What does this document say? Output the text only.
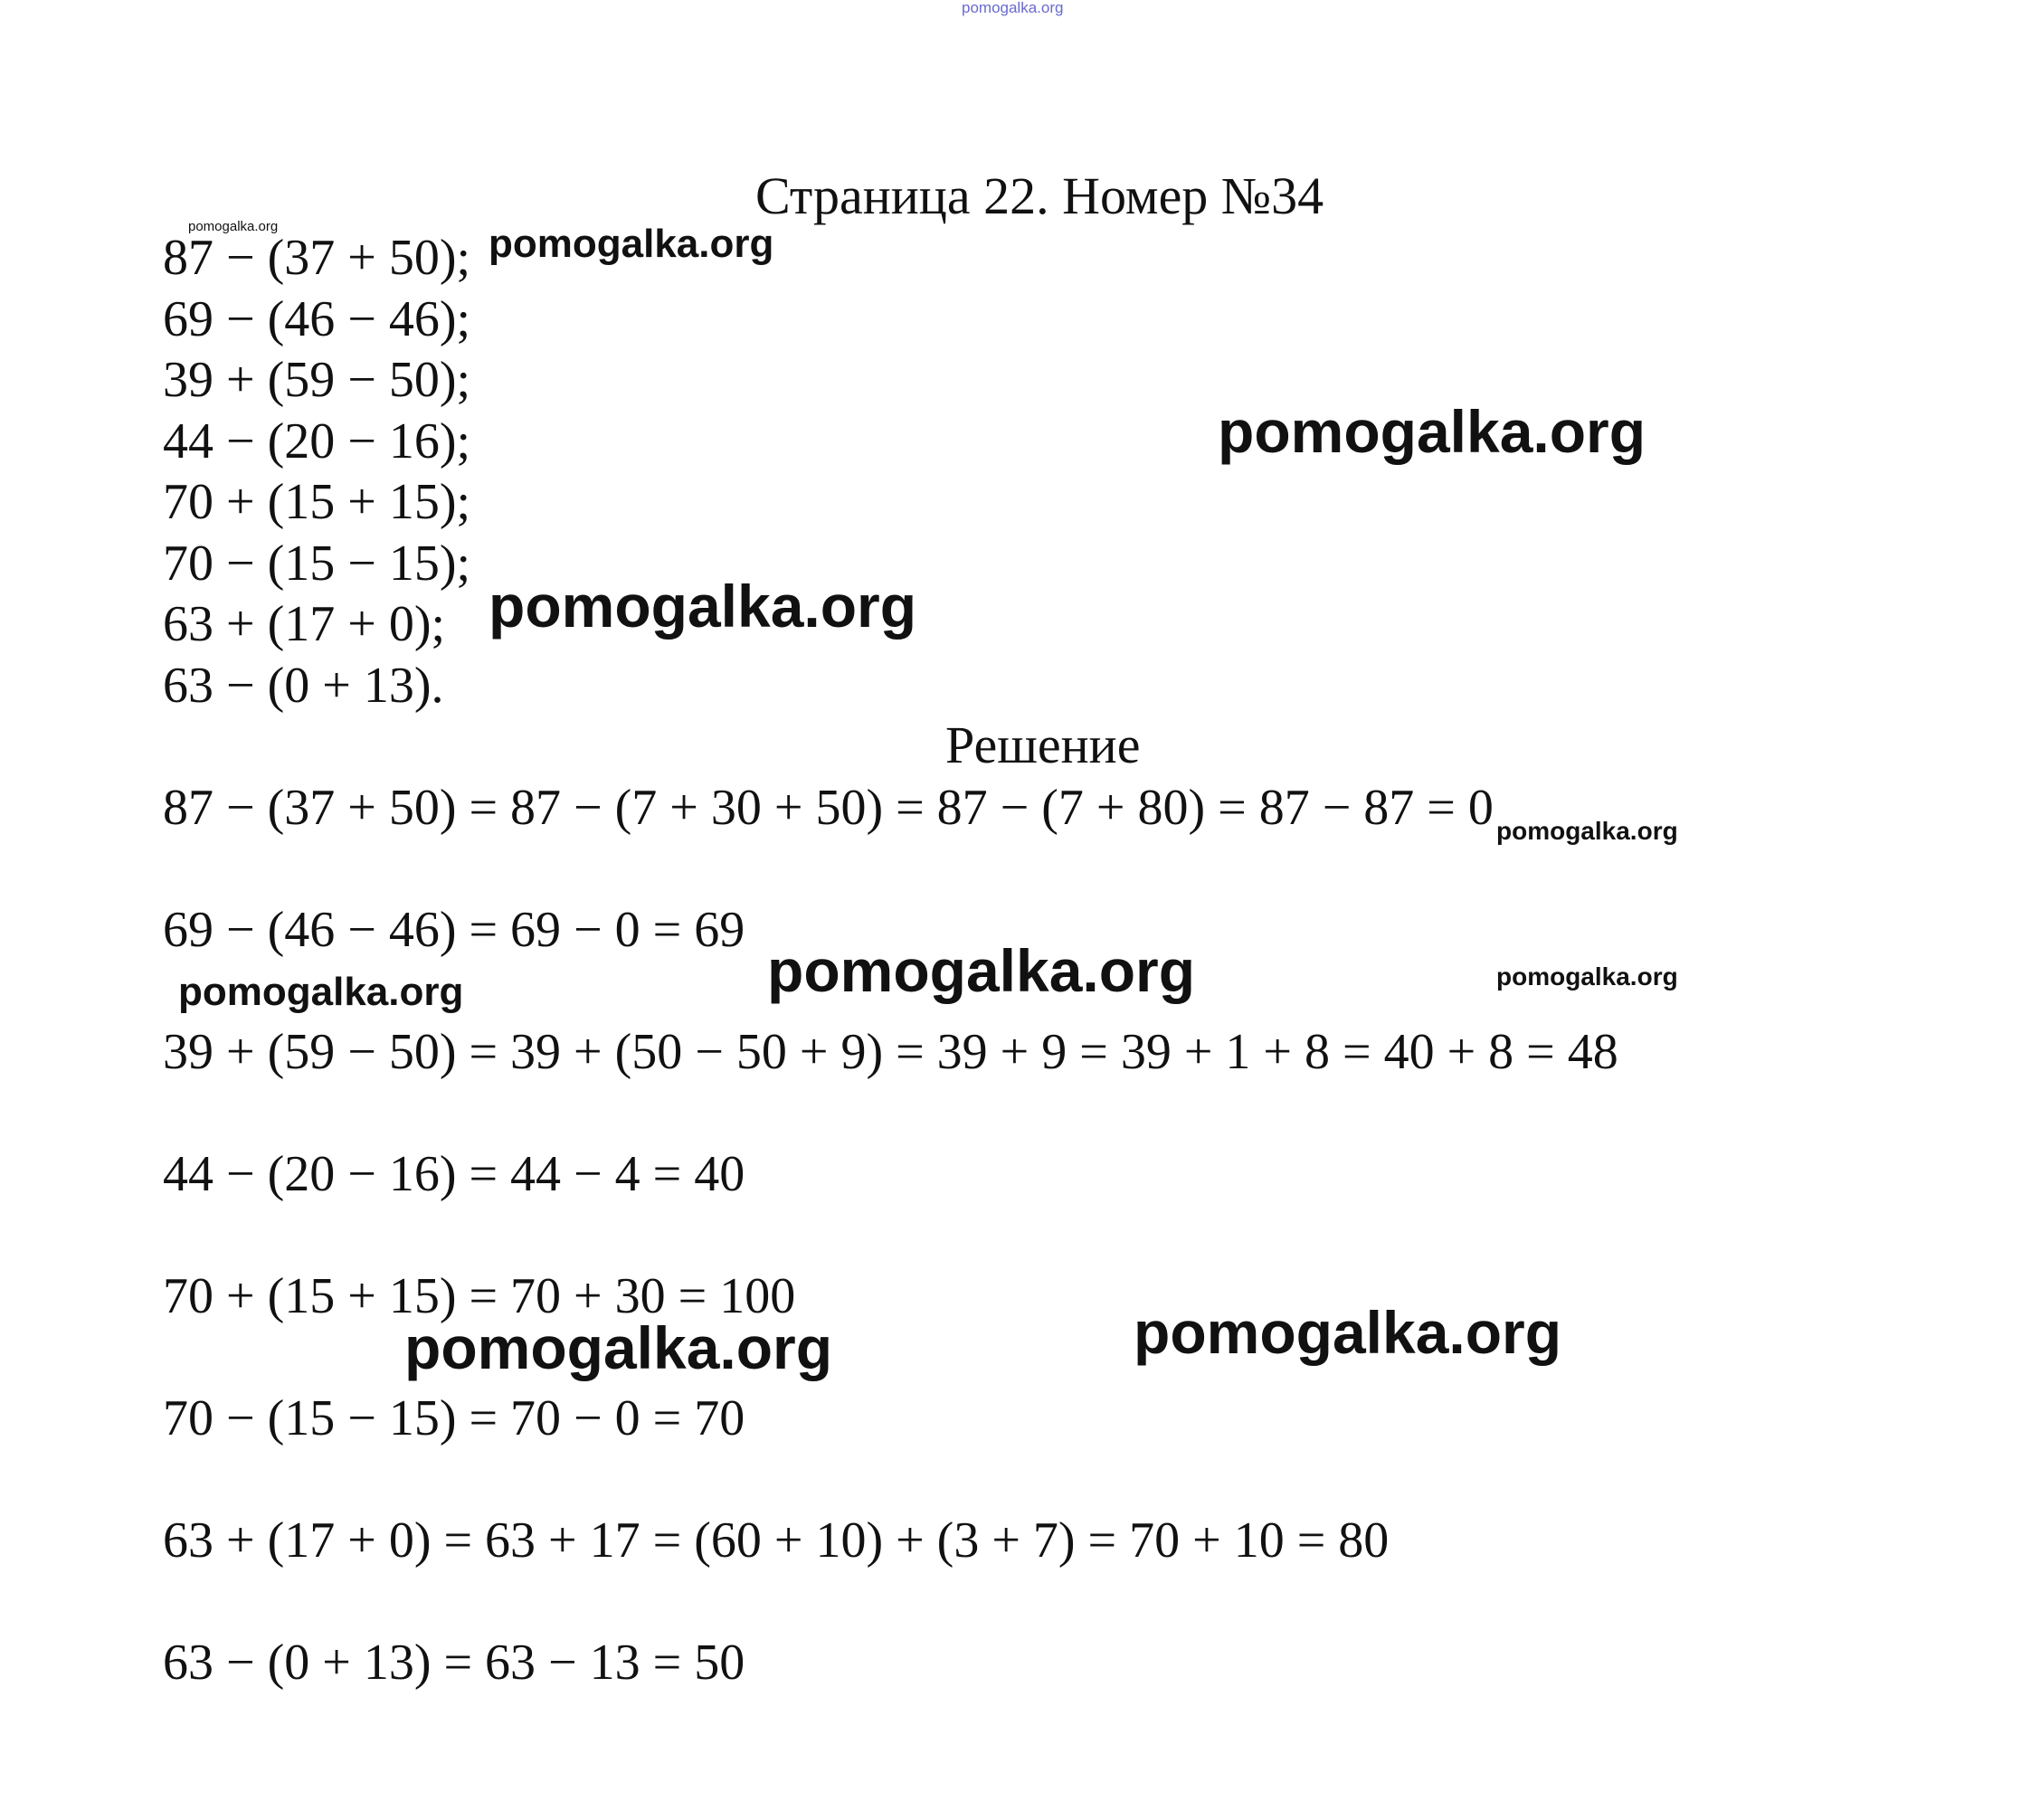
pomogalka.org
Страница 22. Номер №34
87 − (37 + 50);
69 − (46 − 46);
39 + (59 − 50);
44 − (20 − 16);
70 + (15 + 15);
70 − (15 − 15);
63 + (17 + 0);
63 − (0 + 13).
Решение
87 − (37 + 50) = 87 − (7 + 30 + 50) = 87 − (7 + 80) = 87 − 87 = 0
69 − (46 − 46) = 69 − 0 = 69
39 + (59 − 50) = 39 + (50 − 50 + 9) = 39 + 9 = 39 + 1 + 8 = 40 + 8 = 48
44 − (20 − 16) = 44 − 4 = 40
70 + (15 + 15) = 70 + 30 = 100
70 − (15 − 15) = 70 − 0 = 70
63 + (17 + 0) = 63 + 17 = (60 + 10) + (3 + 7) = 70 + 10 = 80
63 − (0 + 13) = 63 − 13 = 50
pomogalka.org	pomogalka.org
pomogalka.org
pomogalka.org
pomogalka.org
pomogalka.org
pomogalka.org	pomogalka.org
pomogalka.org
pomogalka.org
